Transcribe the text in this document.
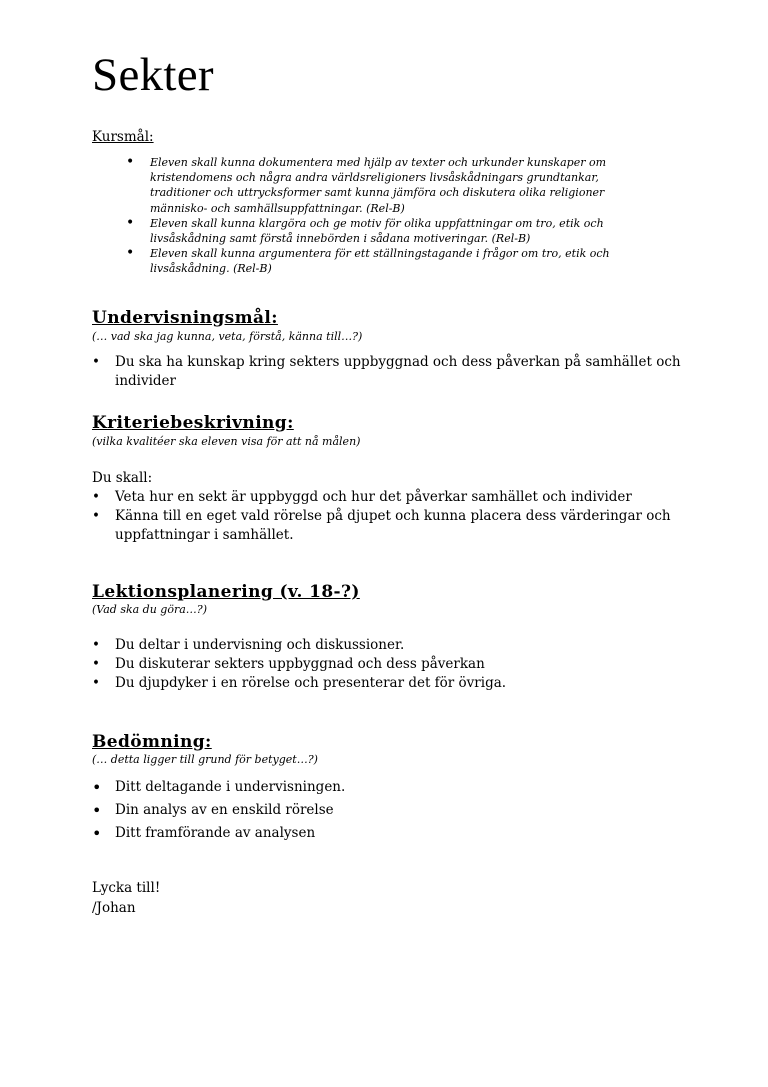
Sekter
Kursmål:
• Eleven skall kunna dokumentera med hjälp av texter och urkunder kunskaper om kristendomens och några andra världsreligioners livsåskådningars grundtankar, traditioner och uttrycksformer samt kunna jämföra och diskutera olika religioner människo- och samhällsuppfattningar. (Rel-B)
• Eleven skall kunna klargöra och ge motiv för olika uppfattningar om tro, etik och livsåskådning samt förstå innebörden i sådana motiveringar. (Rel-B)
• Eleven skall kunna argumentera för ett ställningstagande i frågor om tro, etik och livsåskådning. (Rel-B)
Undervisningsmål:
(… vad ska jag kunna, veta, förstå, känna till…?)
• Du ska ha kunskap kring sekters uppbyggnad och dess påverkan på samhället och individer
Kriteriebeskrivning:
(vilka kvalitéer ska eleven visa för att nå målen)
Du skall:
• Veta hur en sekt är uppbyggd och hur det påverkar samhället och individer
• Känna till en eget vald rörelse på djupet och kunna placera dess värderingar och uppfattningar i samhället.
Lektionsplanering (v. 18-?)
(Vad ska du göra…?)
• Du deltar i undervisning och diskussioner.
• Du diskuterar sekters uppbyggnad och dess påverkan
• Du djupdyker i en rörelse och presenterar det för övriga.
Bedömning:
(… detta ligger till grund för betyget…?)
• Ditt deltagande i undervisningen.
• Din analys av en enskild rörelse
• Ditt framförande av analysen
Lycka till!
/Johan
